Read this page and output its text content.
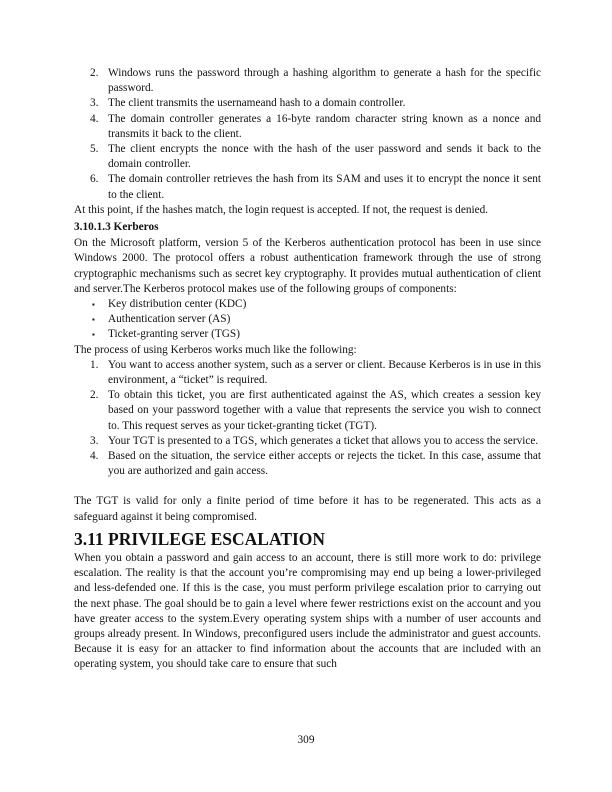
2. Windows runs the password through a hashing algorithm to generate a hash for the specific password.
3. The client transmits the usernameand hash to a domain controller.
4. The domain controller generates a 16-byte random character string known as a nonce and transmits it back to the client.
5. The client encrypts the nonce with the hash of the user password and sends it back to the domain controller.
6. The domain controller retrieves the hash from its SAM and uses it to encrypt the nonce it sent to the client.

At this point, if the hashes match, the login request is accepted. If not, the request is denied.

3.10.1.3 Kerberos

On the Microsoft platform, version 5 of the Kerberos authentication protocol has been in use since Windows 2000. The protocol offers a robust authentication framework through the use of strong cryptographic mechanisms such as secret key cryptography. It provides mutual authentication of client and server.The Kerberos protocol makes use of the following groups of components:

▪ Key distribution center (KDC)
▪ Authentication server (AS)
▪ Ticket-granting server (TGS)

The process of using Kerberos works much like the following:

1. You want to access another system, such as a server or client. Because Kerberos is in use in this environment, a “ticket” is required.
2. To obtain this ticket, you are first authenticated against the AS, which creates a session key based on your password together with a value that represents the service you wish to connect to. This request serves as your ticket-granting ticket (TGT).
3. Your TGT is presented to a TGS, which generates a ticket that allows you to access the service.
4. Based on the situation, the service either accepts or rejects the ticket. In this case, assume that you are authorized and gain access.

The TGT is valid for only a finite period of time before it has to be regenerated. This acts as a safeguard against it being compromised.

3.11 PRIVILEGE ESCALATION

When you obtain a password and gain access to an account, there is still more work to do: privilege escalation. The reality is that the account you’re compromising may end up being a lower-privileged and less-defended one. If this is the case, you must perform privilege escalation prior to carrying out the next phase. The goal should be to gain a level where fewer restrictions exist on the account and you have greater access to the system.Every operating system ships with a number of user accounts and groups already present. In Windows, preconfigured users include the administrator and guest accounts. Because it is easy for an attacker to find information about the accounts that are included with an operating system, you should take care to ensure that such

309
